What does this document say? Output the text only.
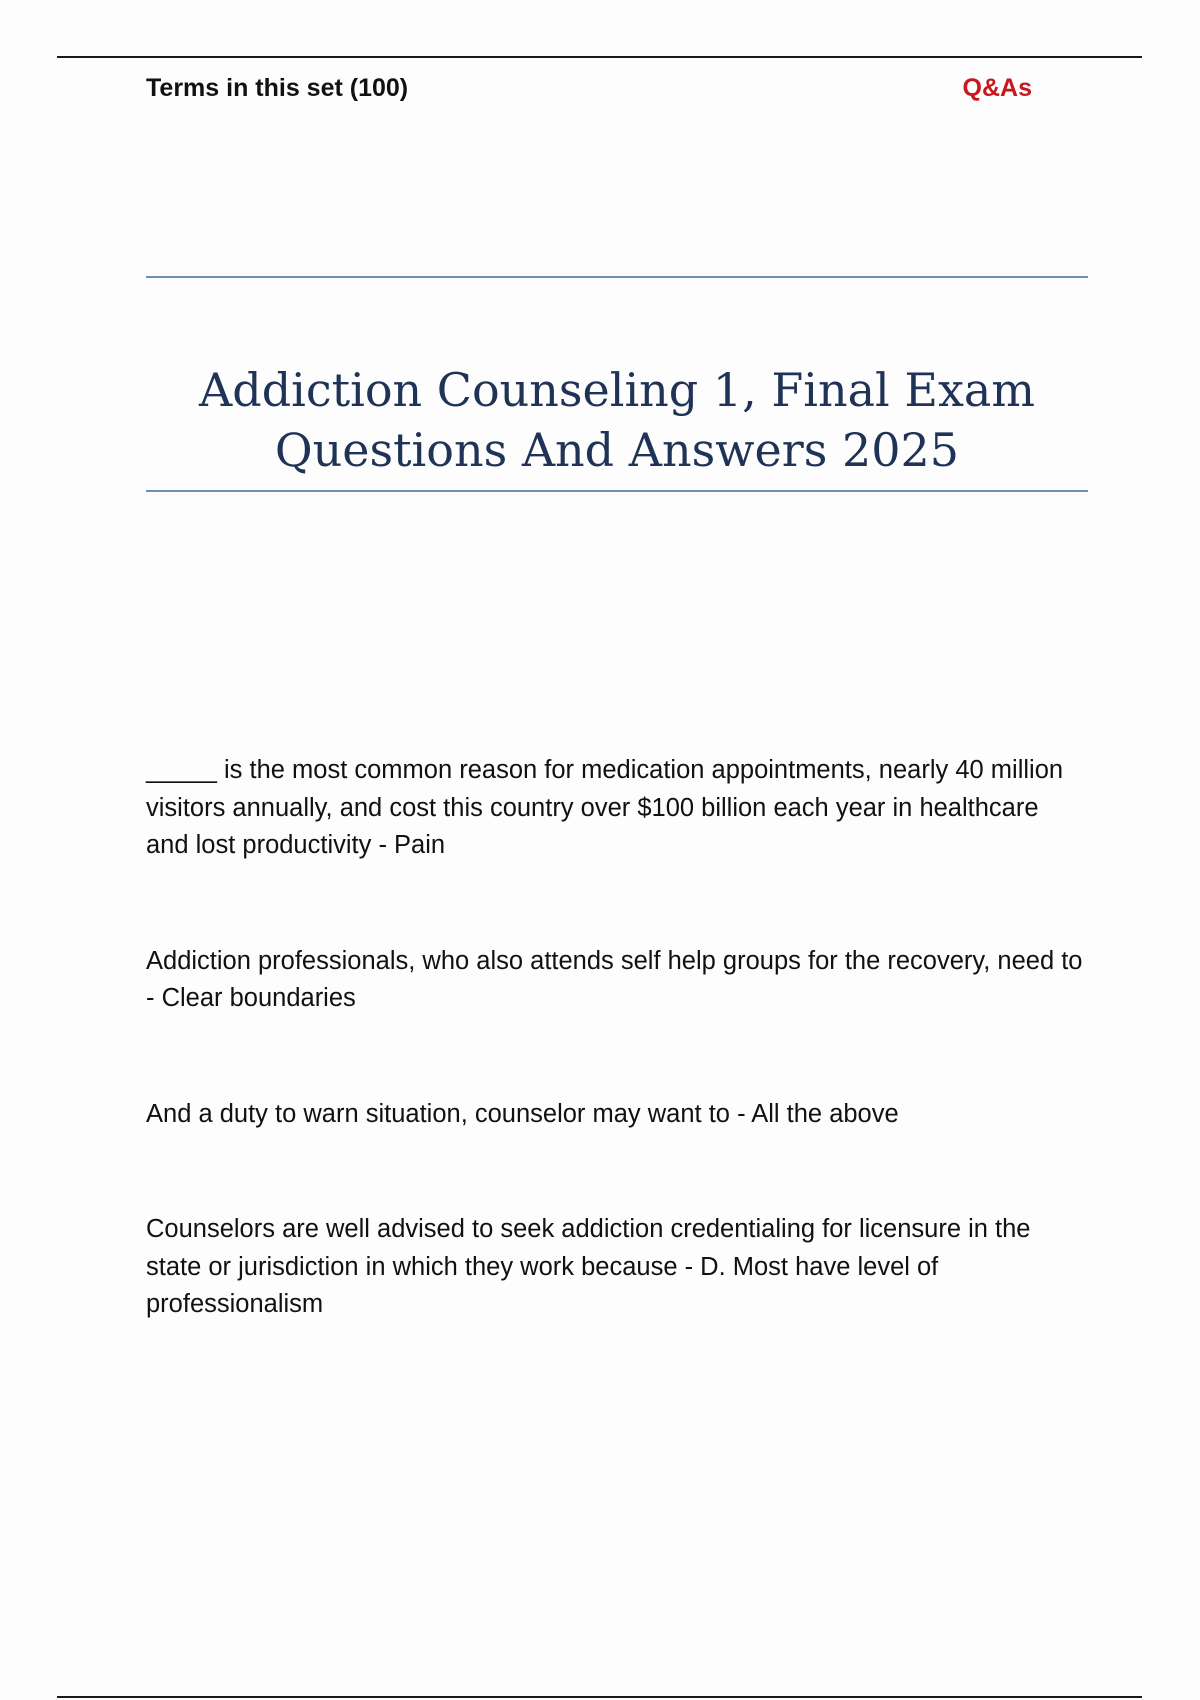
Terms in this set (100)	Q&As
Addiction Counseling 1, Final Exam
Questions And Answers 2025
_____ is the most common reason for medication appointments, nearly 40 million visitors annually, and cost this country over $100 billion each year in healthcare and lost productivity - Pain
Addiction professionals, who also attends self help groups for the recovery, need to - Clear boundaries
And a duty to warn situation, counselor may want to - All the above
Counselors are well advised to seek addiction credentialing for licensure in the state or jurisdiction in which they work because - D. Most have level of professionalism
